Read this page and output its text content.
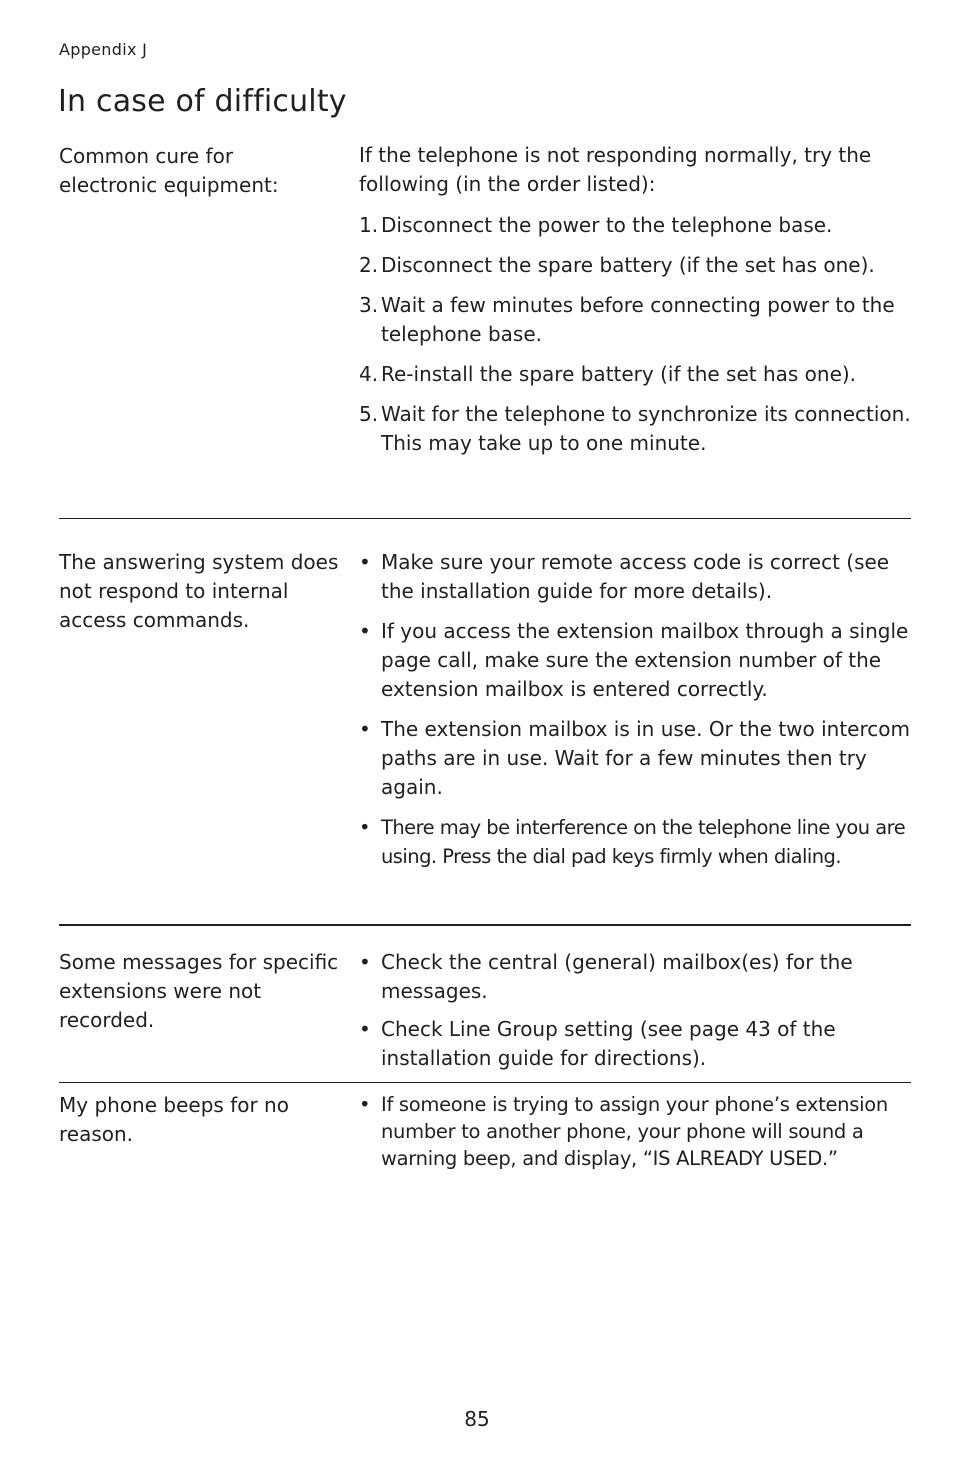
Appendix J
In case of difficulty

Common cure for electronic equipment:

If the telephone is not responding normally, try the following (in the order listed):

1. Disconnect the power to the telephone base.
2. Disconnect the spare battery (if the set has one).
3. Wait a few minutes before connecting power to the telephone base.
4. Re-install the spare battery (if the set has one).
5. Wait for the telephone to synchronize its connection. This may take up to one minute.

The answering system does not respond to internal access commands.

• Make sure your remote access code is correct (see the installation guide for more details).
• If you access the extension mailbox through a single page call, make sure the extension number of the extension mailbox is entered correctly.
• The extension mailbox is in use. Or the two intercom paths are in use. Wait for a few minutes then try again.
• There may be interference on the telephone line you are using. Press the dial pad keys firmly when dialing.

Some messages for specific extensions were not recorded.

• Check the central (general) mailbox(es) for the messages.
• Check Line Group setting (see page 43 of the installation guide for directions).

My phone beeps for no reason.

• If someone is trying to assign your phone’s extension number to another phone, your phone will sound a warning beep, and display, “IS ALREADY USED.”
85
